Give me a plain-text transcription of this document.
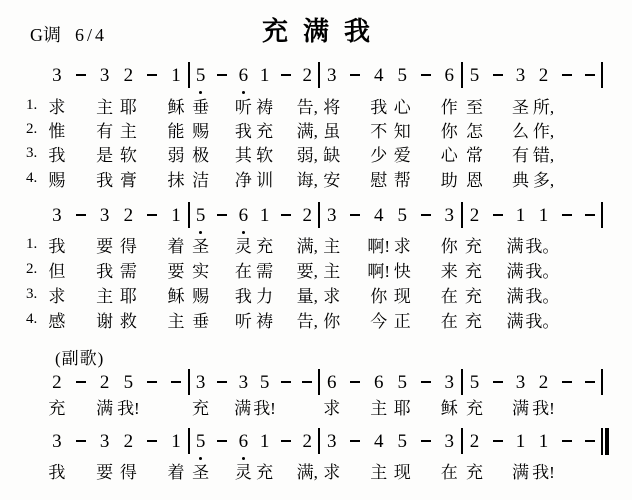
G调 6/4	充满我
3	3 2	1 5	6 1	2 3	4 5	6 5	3 2
1. 求 主 耶 稣 垂 听 祷 告, 将 我 心 作 至 圣 所,
2. 惟 有 主 能 赐 我 充 满, 虽 不 知 你 怎 么 作,
3. 我 是 软 弱 极 其 软 弱, 缺 少 爱 心 常 有 错,
4. 赐 我 膏 抹 洁 净 训 诲, 安 慰 帮 助 恩 典 多,
3	3 2	1 5	6 1	2 3	4 5	3 2	1 1
1. 我 要 得 着 圣 灵 充 满, 主 啊! 求 你 充 满 我。
2. 但 我 需 要 实 在 需 要, 主 啊! 快 来 充 满 我。
3. 求 主 耶 稣 赐 我 力 量, 求 你 现 在 充 满 我。
4. 感 谢 救 主 垂 听 祷 告, 你 今 正 在 充 满 我。
(副歌)
2	2 5	3	3 5	6	6 5	3 5	3 2
充 满 我!	充 满 我!	求 主 耶 稣 充 满 我!
3	3 2	1 5	6 1	2 3	4 5	3 2	1 1
我 要 得 着 圣 灵 充 满, 求 主 现 在 充 满 我!
